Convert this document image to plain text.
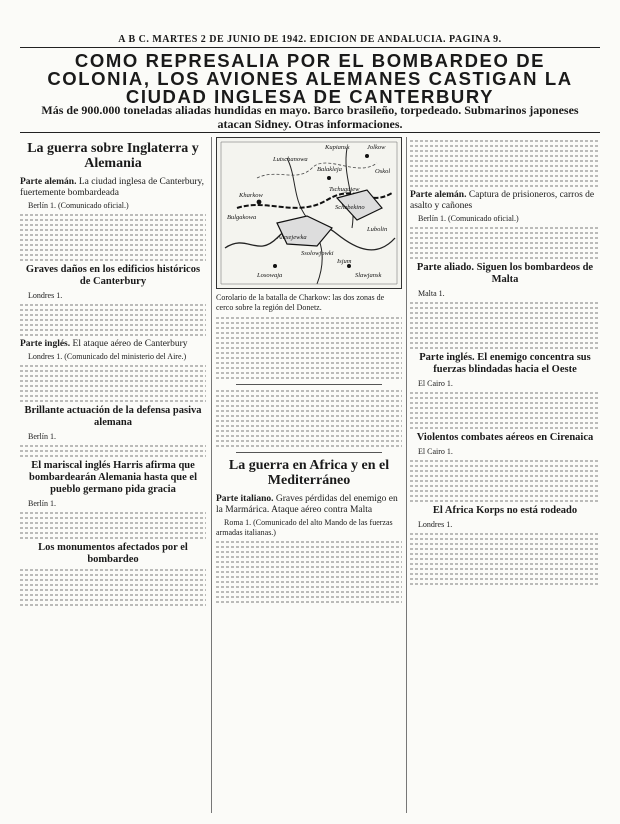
A B C. MARTES 2 DE JUNIO DE 1942. EDICION DE ANDALUCIA. PAGINA 9.
COMO REPRESALIA POR EL BOMBARDEO DE COLONIA, LOS AVIONES ALEMANES CASTIGAN LA CIUDAD INGLESA DE CANTERBURY
Más de 900.000 toneladas aliadas hundidas en mayo. Barco brasileño, torpedeado. Submarinos japoneses atacan Sidney. Otras informaciones.
La guerra sobre Inglaterra y Alemania
Parte alemán. La ciudad inglesa de Canterbury, fuertemente bombardeada
Berlín 1. (Comunicado oficial.)
Graves daños en los edificios históricos de Canterbury
Londres 1.
Parte inglés. El ataque aéreo de Canterbury
Londres 1. (Comunicado del ministerio del Aire.)
Brillante actuación de la defensa pasiva alemana
Berlín 1.
El mariscal inglés Harris afirma que bombardearán Alemania hasta que el pueblo germano pida gracia
Berlín 1.
Los monumentos afectados por el bombardeo
Kupiansk	Jolkow
Lutschanowa
Balakleja	Oskol
Kharkow
Tschugujew
Schebekino
Lubolin
Bulgakowa
Ssolowjowki
Losowaja
Isjum
Alexejewka
Slawjansk
Corolario de la batalla de Charkow: las dos zonas de cerco sobre la región del Donetz.
La guerra en Africa y en el Mediterráneo
Parte italiano. Graves pérdidas del enemigo en la Marmárica. Ataque aéreo contra Malta
Roma 1. (Comunicado del alto Mando de las fuerzas armadas italianas.)
Parte alemán. Captura de prisioneros, carros de asalto y cañones
Berlín 1. (Comunicado oficial.)
Parte aliado. Siguen los bombardeos de Malta
Malta 1.
Parte inglés. El enemigo concentra sus fuerzas blindadas hacia el Oeste
El Cairo 1.
Violentos combates aéreos en Cirenaica
El Cairo 1.
El Africa Korps no está rodeado
Londres 1.
